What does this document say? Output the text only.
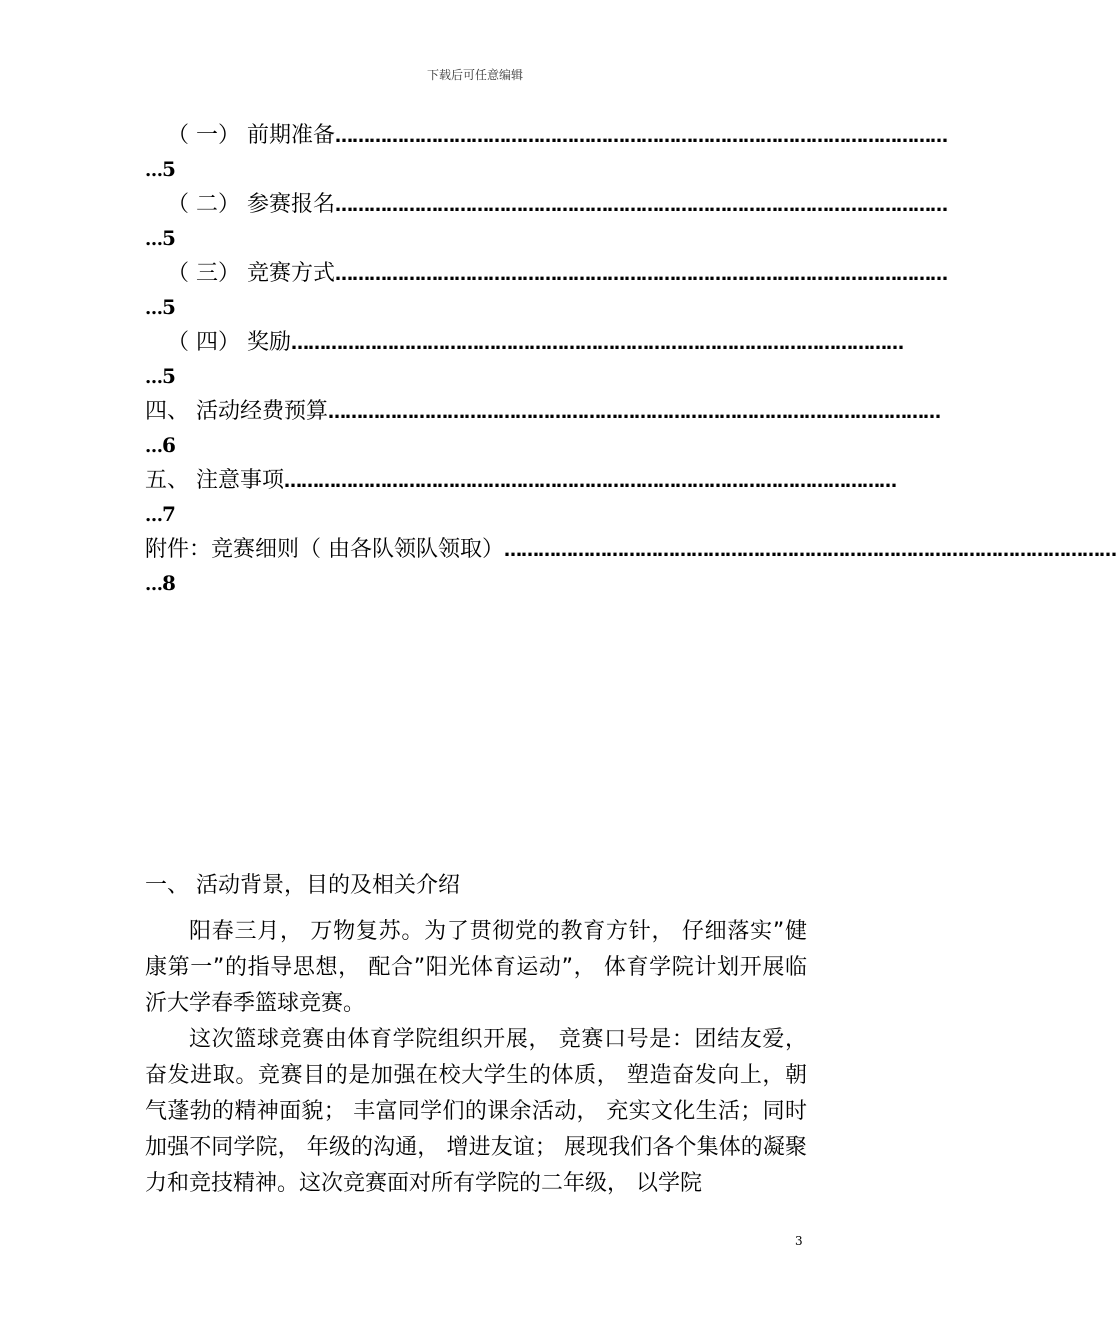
下载后可任意编辑
（ 一） 前期准备 ………………………………………………………………………………………………
…5
（ 二） 参赛报名 ………………………………………………………………………………………………
…5
（ 三） 竞赛方式 ………………………………………………………………………………………………
…5
（ 四） 奖励 ………………………………………………………………………………………………
…5
四、 活动经费预算 ………………………………………………………………………………………………
…6
五、 注意事项 ………………………………………………………………………………………………
…7
附件：竞赛细则（ 由各队领队领取） ………………………………………………………………………………………………
…8
一、 活动背景，目的及相关介绍

阳春三月， 万物复苏。为了贯彻党的教育方针， 仔细落实”健康第一”的指导思想， 配合”阳光体育运动”， 体育学院计划开展临沂大学春季篮球竞赛。

这次篮球竞赛由体育学院组织开展， 竞赛口号是：团结友爱，奋发进取。竞赛目的是加强在校大学生的体质， 塑造奋发向上，朝气蓬勃的精神面貌； 丰富同学们的课余活动， 充实文化生活；同时加强不同学院， 年级的沟通， 增进友谊； 展现我们各个集体的凝聚力和竞技精神。这次竞赛面对所有学院的二年级， 以学院

3
